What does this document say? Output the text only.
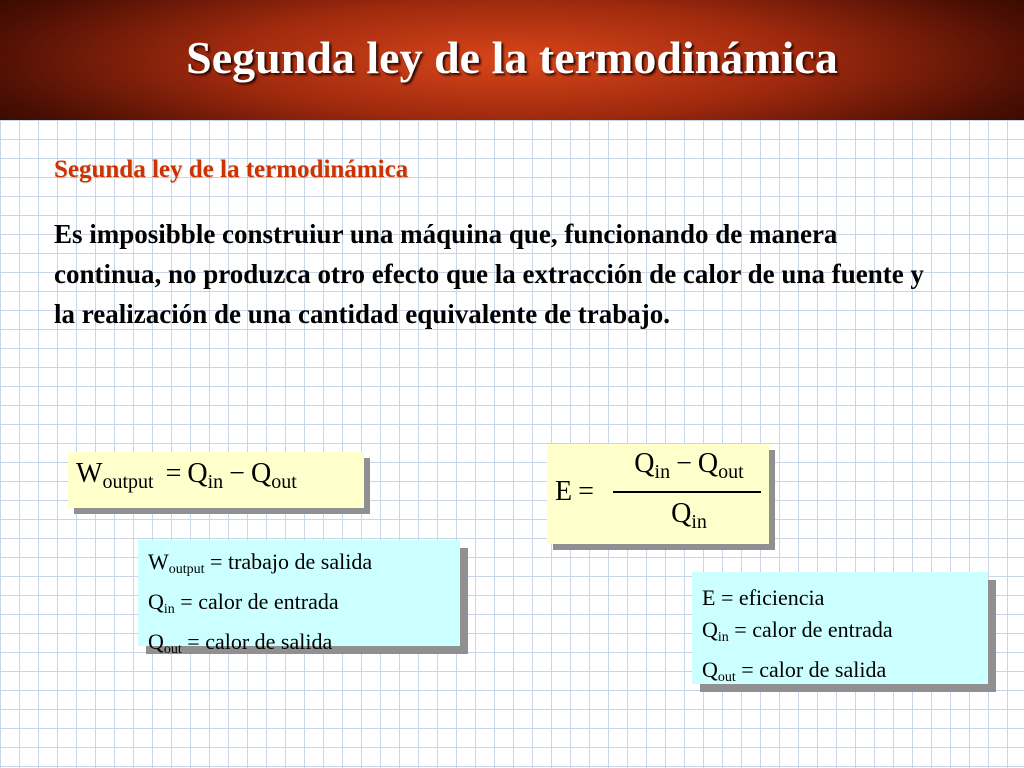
Segunda ley de la termodinámica
Segunda ley de la termodinámica
Es imposibble construiur una máquina que, funcionando de manera continua, no produzca otro efecto que la extracción de calor de una fuente y la realización de una cantidad equivalente de trabajo.
$W_{output} = Q_{in} - Q_{out}$	E =
$Q_{in} - Q_{out}$
$Q_{in}$
$W_{output}$ = trabajo de salida
$Q_{in}$ = calor de entrada
$Q_{out}$ = calor de salida
E = eficiencia
$Q_{in}$ = calor de entrada
$Q_{out}$ = calor de salida
